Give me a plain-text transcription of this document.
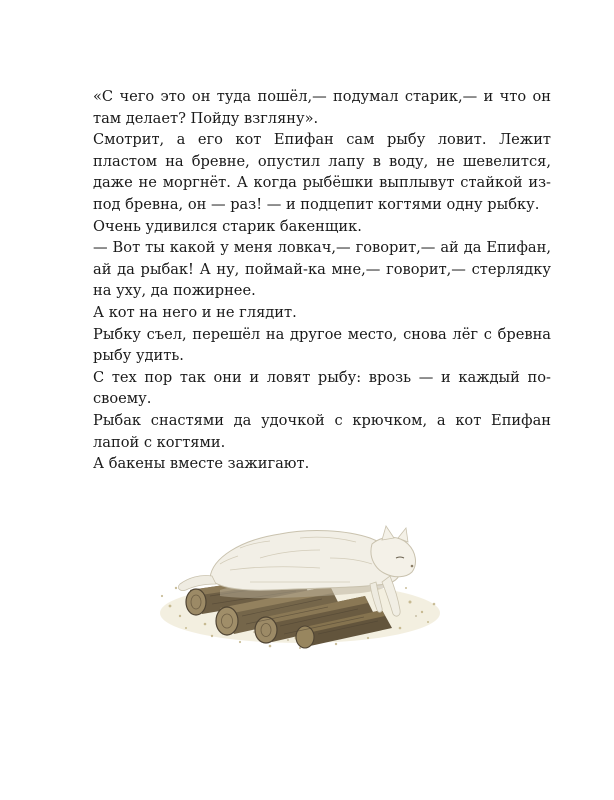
«С чего это он туда пошёл,— подумал старик,— и что он там делает? Пойду взгляну».

Смотрит, а его кот Епифан сам рыбу ловит. Лежит пластом на бревне, опустил лапу в воду, не шевелится, даже не моргнёт. А когда рыбёшки выплывут стайкой из-под бревна, он — раз! — и подцепит когтями одну рыбку.

Очень удивился старик бакенщик.

— Вот ты какой у меня ловкач,— говорит,— ай да Епифан, ай да рыбак! А ну, поймай-ка мне,— говорит,— стерлядку на уху, да пожирнее.

А кот на него и не глядит.

Рыбку съел, перешёл на другое место, снова лёг с бревна рыбу удить.

С тех пор так они и ловят рыбу: врозь — и каждый по-своему.

Рыбак снастями да удочкой с крючком, а кот Епифан лапой с когтями.

А бакены вместе зажигают.
